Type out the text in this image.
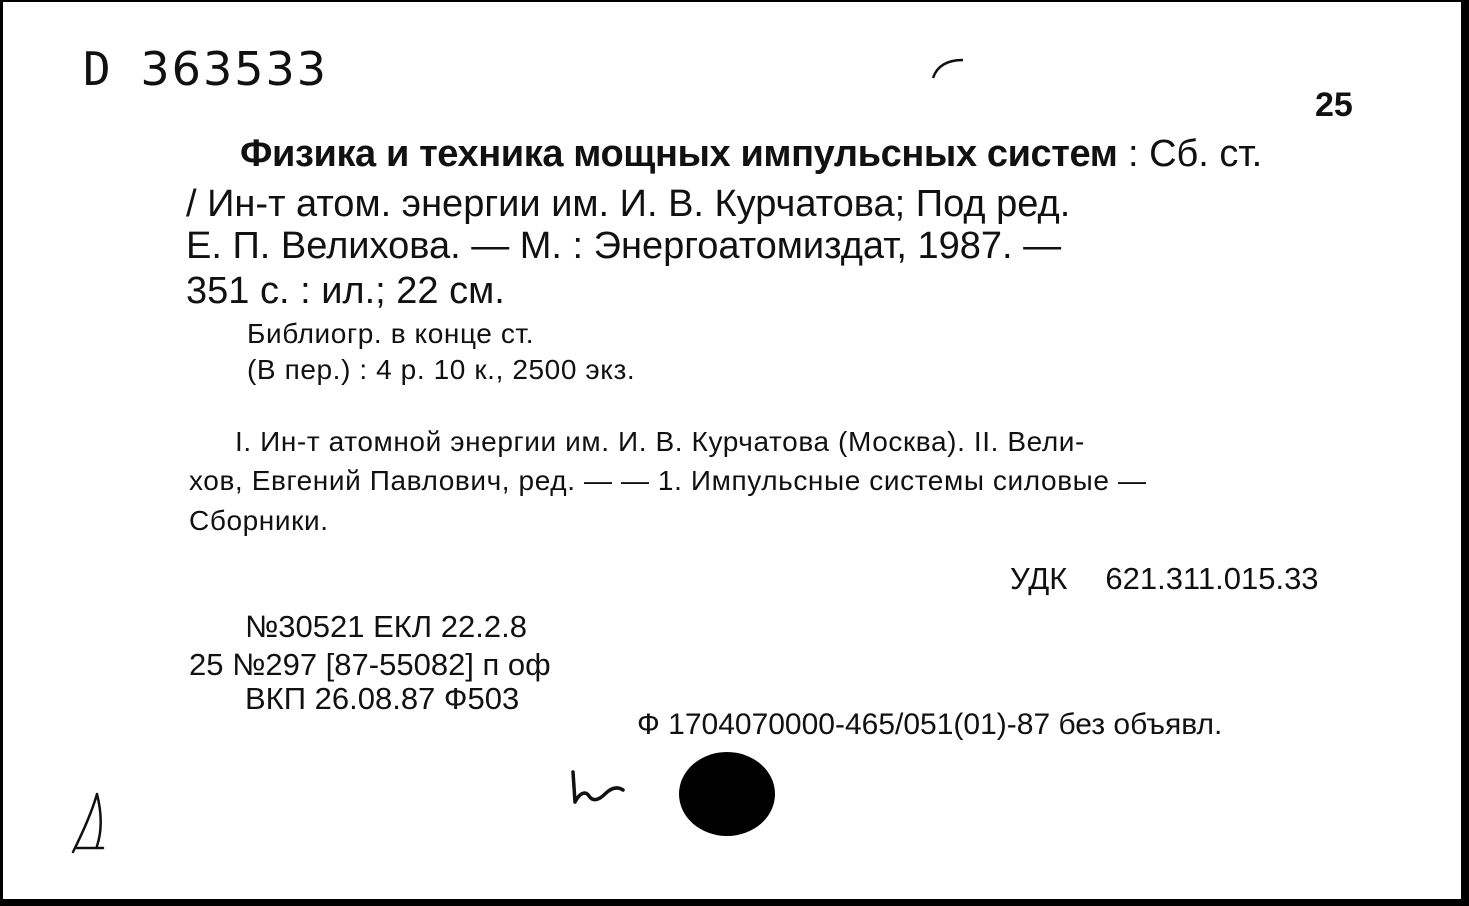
D 363533
25
Физика и техника мощных импульсных систем : Сб. ст.
/ Ин-т атом. энергии им. И. В. Курчатова; Под ред.
Е. П. Велихова. — М. : Энергоатомиздат, 1987. —
351 с. : ил.; 22 см.
Библиогр. в конце ст.
(В пер.) : 4 р. 10 к., 2500 экз.
I. Ин-т атомной энергии им. И. В. Курчатова (Москва). II. Вели-
хов, Евгений Павлович, ред. — — 1. Импульсные системы силовые —
Сборники.
УДК 621.311.015.33
№30521 ЕКЛ 22.2.8
25 №297 [87-55082] п оф
ВКП 26.08.87 Ф503
Ф 1704070000-465/051(01)-87 без объявл.
